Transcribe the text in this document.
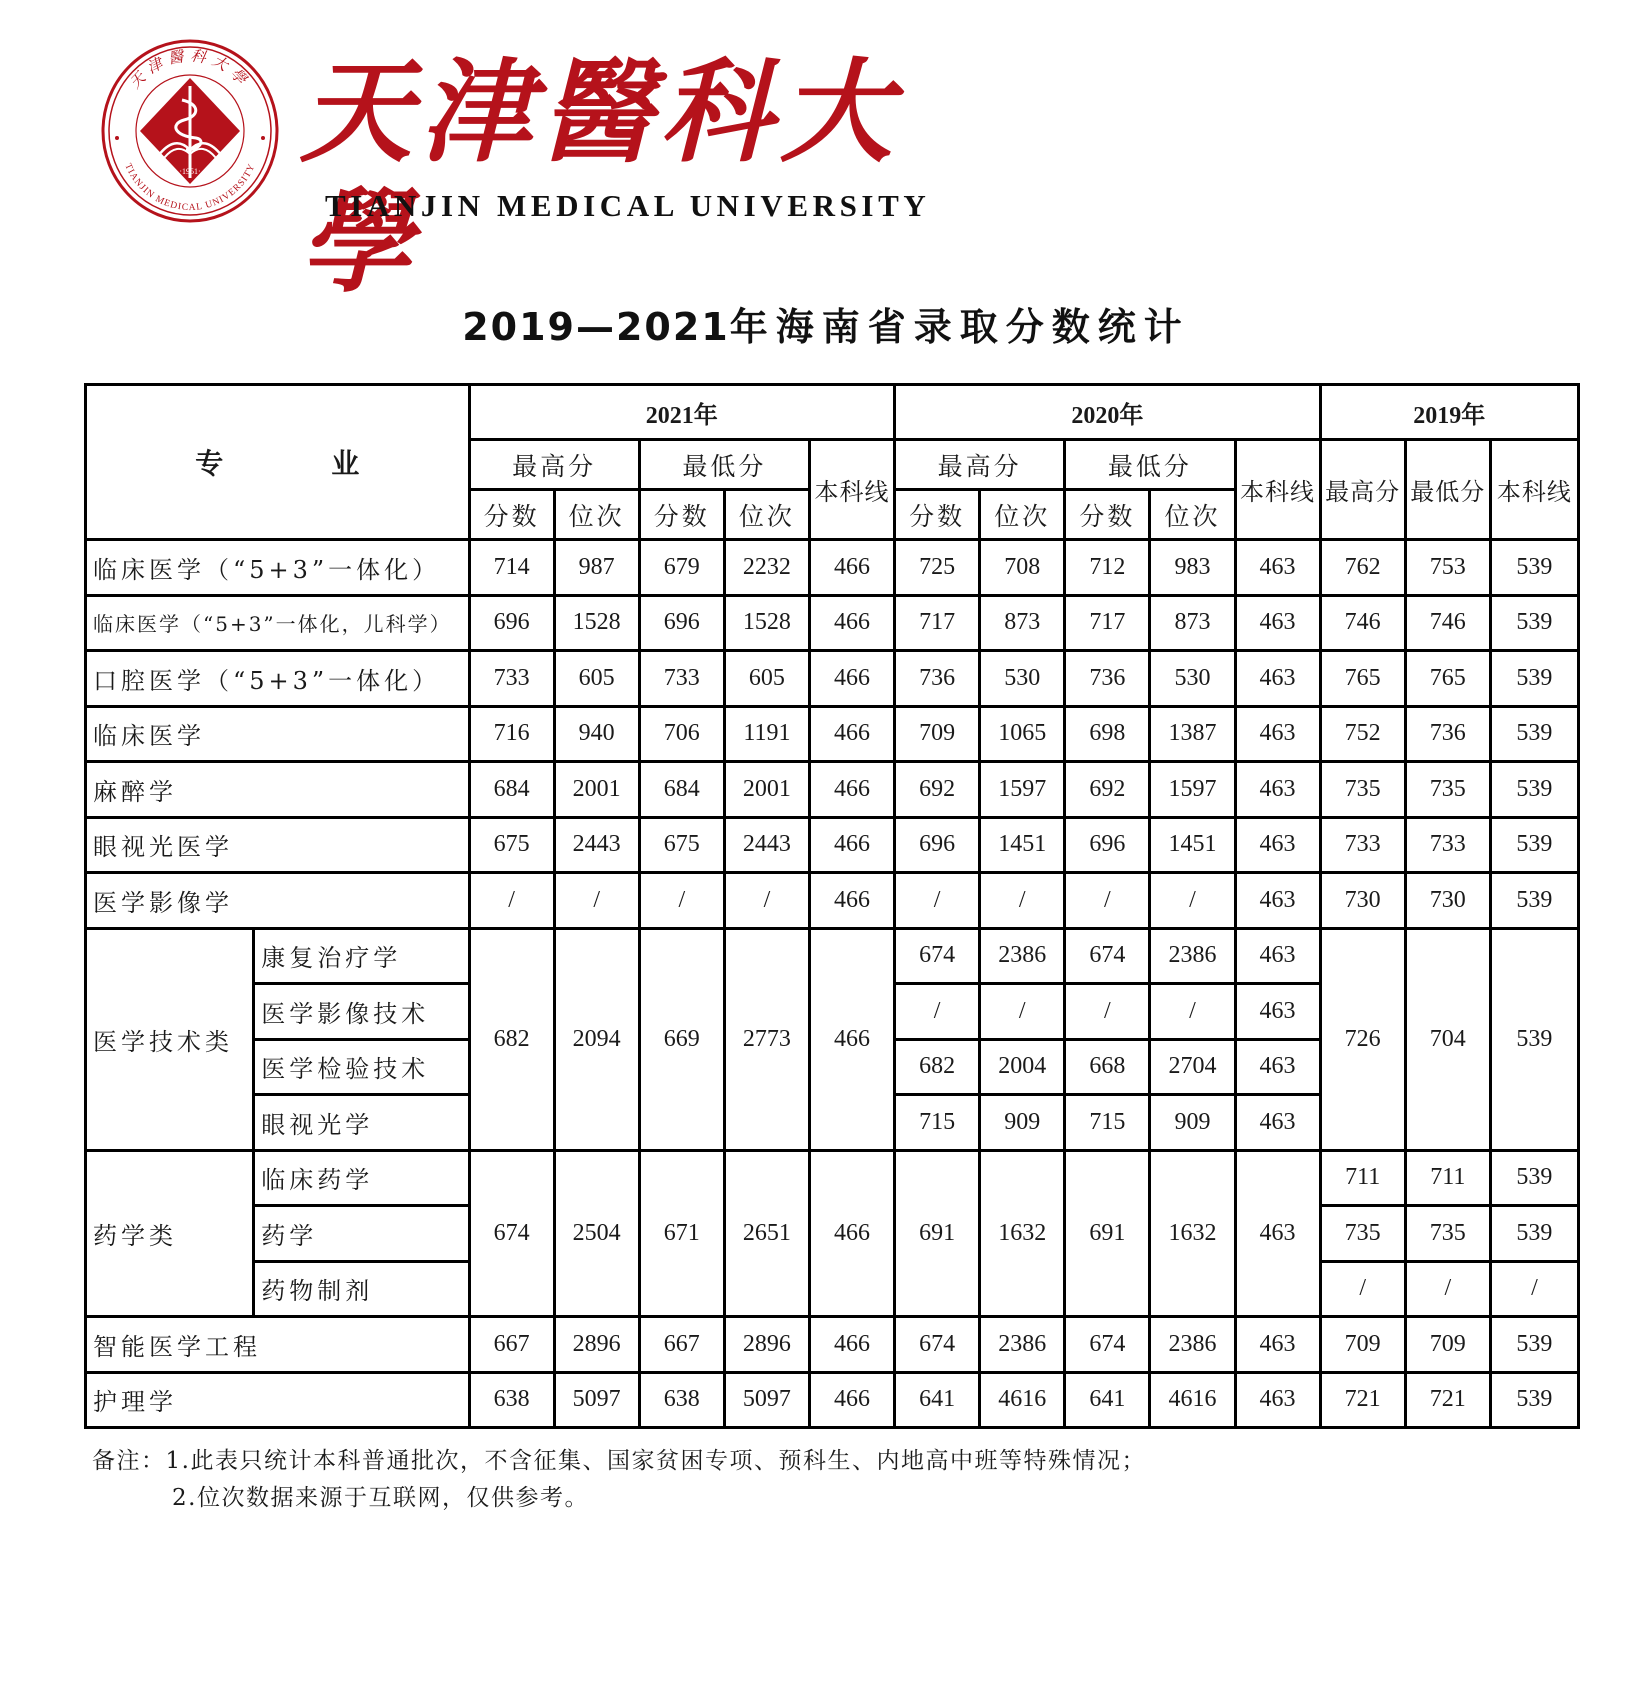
·1951·
天津醫科大學
TIANJIN MEDICAL UNIVERSITY 天津醫科大學
TIANJIN MEDICAL UNIVERSITY
2019—2021年海南省录取分数统计
专　业		2021年					2020年					2019年		
		最高分		最低分		本科线	最高分		最低分		本科线	最高分	最低分	本科线
		分数	位次	分数	位次		分数	位次	分数	位次				
临床医学（“5+3”一体化）		714	987	679	2232	466	725	708	712	983	463	762	753	539
临床医学（“5+3”一体化，儿科学）		696	1528	696	1528	466	717	873	717	873	463	746	746	539
口腔医学（“5+3”一体化）		733	605	733	605	466	736	530	736	530	463	765	765	539
临床医学		716	940	706	1191	466	709	1065	698	1387	463	752	736	539
麻醉学		684	2001	684	2001	466	692	1597	692	1597	463	735	735	539
眼视光医学		675	2443	675	2443	466	696	1451	696	1451	463	733	733	539
医学影像学		/	/	/	/	466	/	/	/	/	463	730	730	539
医学技术类	康复治疗学	682	2094	669	2773	466	674	2386	674	2386	463	726	704	539
	医学影像技术						/	/	/	/	463			
	医学检验技术						682	2004	668	2704	463			
	眼视光学						715	909	715	909	463			
药学类	临床药学	674	2504	671	2651	466	691	1632	691	1632	463	711	711	539
	药学											735	735	539
	药物制剂											/	/	/
智能医学工程		667	2896	667	2896	466	674	2386	674	2386	463	709	709	539
护理学		638	5097	638	5097	466	641	4616	641	4616	463	721	721	539
备注：1.此表只统计本科普通批次，不含征集、国家贫困专项、预科生、内地高中班等特殊情况；
2.位次数据来源于互联网，仅供参考。
